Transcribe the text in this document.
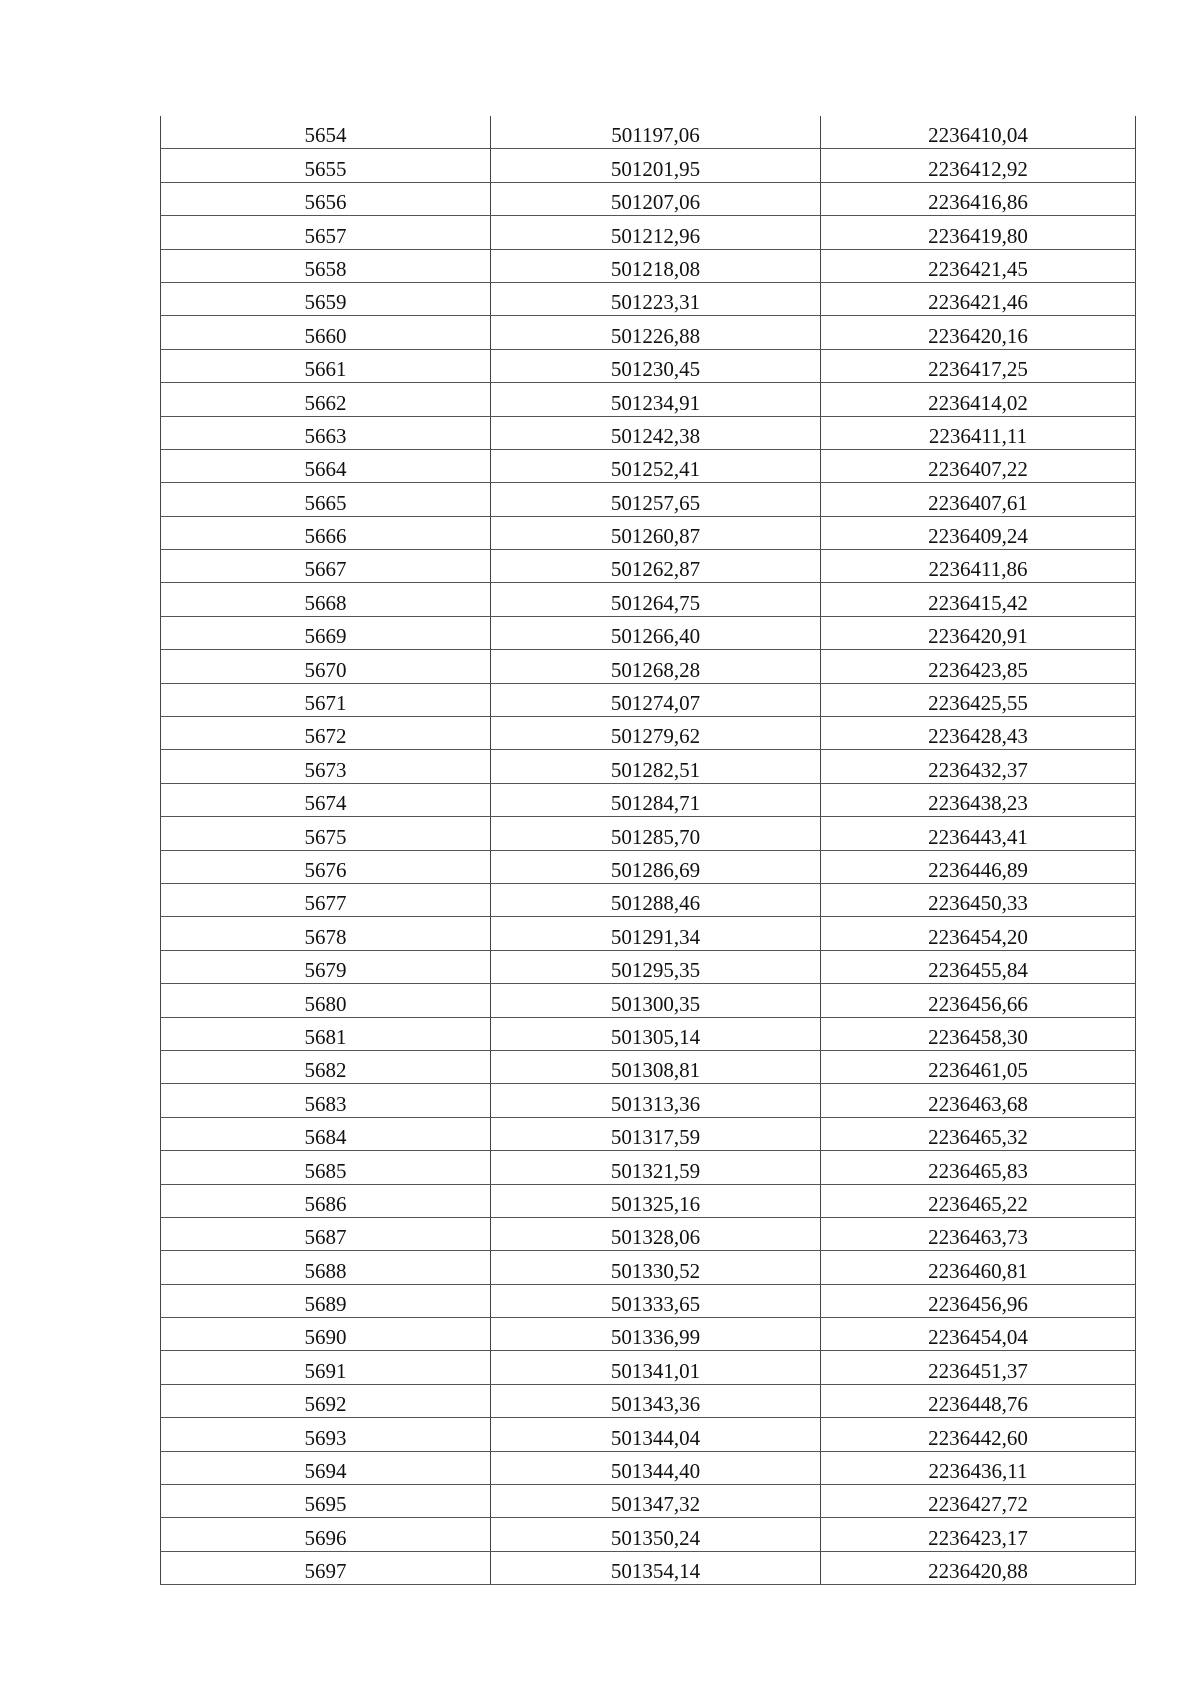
5654	501197,06	2236410,04
5655	501201,95	2236412,92
5656	501207,06	2236416,86
5657	501212,96	2236419,80
5658	501218,08	2236421,45
5659	501223,31	2236421,46
5660	501226,88	2236420,16
5661	501230,45	2236417,25
5662	501234,91	2236414,02
5663	501242,38	2236411,11
5664	501252,41	2236407,22
5665	501257,65	2236407,61
5666	501260,87	2236409,24
5667	501262,87	2236411,86
5668	501264,75	2236415,42
5669	501266,40	2236420,91
5670	501268,28	2236423,85
5671	501274,07	2236425,55
5672	501279,62	2236428,43
5673	501282,51	2236432,37
5674	501284,71	2236438,23
5675	501285,70	2236443,41
5676	501286,69	2236446,89
5677	501288,46	2236450,33
5678	501291,34	2236454,20
5679	501295,35	2236455,84
5680	501300,35	2236456,66
5681	501305,14	2236458,30
5682	501308,81	2236461,05
5683	501313,36	2236463,68
5684	501317,59	2236465,32
5685	501321,59	2236465,83
5686	501325,16	2236465,22
5687	501328,06	2236463,73
5688	501330,52	2236460,81
5689	501333,65	2236456,96
5690	501336,99	2236454,04
5691	501341,01	2236451,37
5692	501343,36	2236448,76
5693	501344,04	2236442,60
5694	501344,40	2236436,11
5695	501347,32	2236427,72
5696	501350,24	2236423,17
5697	501354,14	2236420,88
